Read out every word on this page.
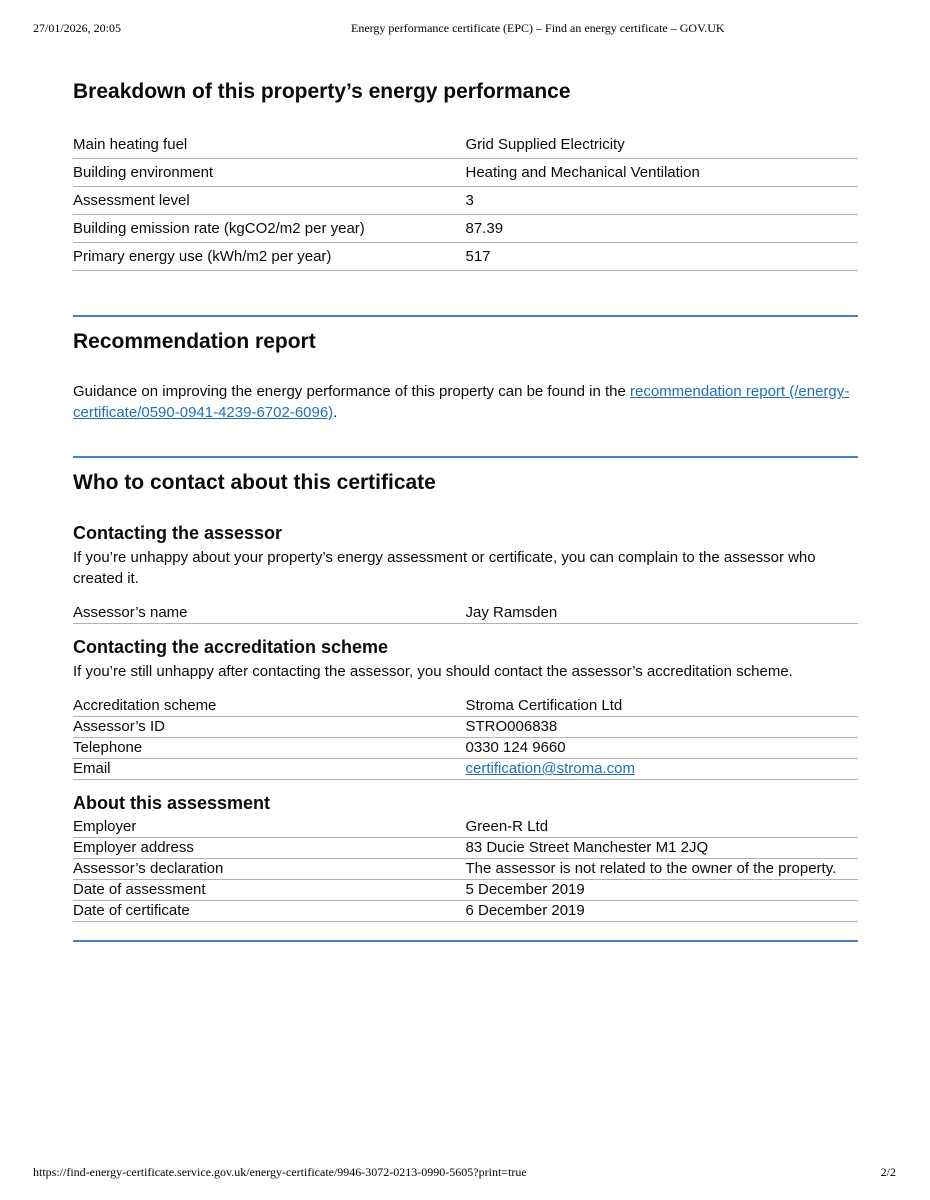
27/01/2026, 20:05	Energy performance certificate (EPC) – Find an energy certificate – GOV.UK
Breakdown of this property’s energy performance
Main heating fuel	Grid Supplied Electricity
Building environment	Heating and Mechanical Ventilation
Assessment level	3
Building emission rate (kgCO2/m2 per year)	87.39
Primary energy use (kWh/m2 per year)	517
Recommendation report

Guidance on improving the energy performance of this property can be found in the recommendation report (/energy-certificate/0590-0941-4239-6702-6096).

Who to contact about this certificate
Contacting the assessor

If you’re unhappy about your property’s energy assessment or certificate, you can complain to the assessor who created it.

Assessor’s name	Jay Ramsden
Contacting the accreditation scheme

If you’re still unhappy after contacting the assessor, you should contact the assessor’s accreditation scheme.

Accreditation scheme	Stroma Certification Ltd
Assessor’s ID	STRO006838
Telephone	0330 124 9660
Email	certification@stroma.com
About this assessment
Employer	Green-R Ltd
Employer address	83 Ducie Street Manchester M1 2JQ
Assessor’s declaration	The assessor is not related to the owner of the property.
Date of assessment	5 December 2019
Date of certificate	6 December 2019
https://find-energy-certificate.service.gov.uk/energy-certificate/9946-3072-0213-0990-5605?print=true	2/2
